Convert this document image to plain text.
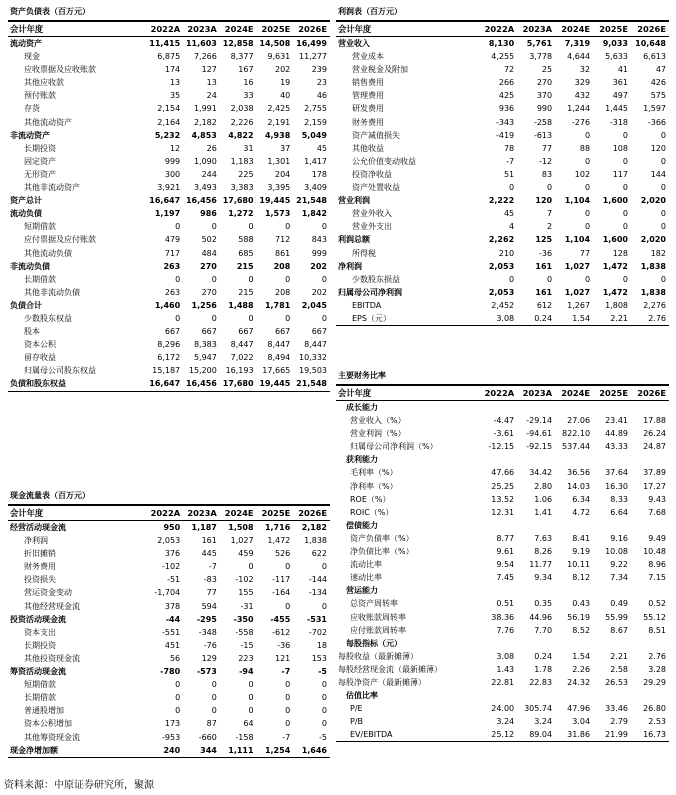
资产负债表（百万元）
会计年度	2022A	2023A	2024E	2025E	2026E
流动资产	11,415	11,603	12,858	14,508	16,499
现金	6,875	7,266	8,377	9,631	11,277
应收票据及应收账款	174	127	167	202	239
其他应收款	13	13	16	19	23
预付账款	35	24	33	40	46
存货	2,154	1,991	2,038	2,425	2,755
其他流动资产	2,164	2,182	2,226	2,191	2,159
非流动资产	5,232	4,853	4,822	4,938	5,049
长期投资	12	26	31	37	45
固定资产	999	1,090	1,183	1,301	1,417
无形资产	300	244	225	204	178
其他非流动资产	3,921	3,493	3,383	3,395	3,409
资产总计	16,647	16,456	17,680	19,445	21,548
流动负债	1,197	986	1,272	1,573	1,842
短期借款	0	0	0	0	0
应付票据及应付账款	479	502	588	712	843
其他流动负债	717	484	685	861	999
非流动负债	263	270	215	208	202
长期借款	0	0	0	0	0
其他非流动负债	263	270	215	208	202
负债合计	1,460	1,256	1,488	1,781	2,045
少数股东权益	0	0	0	0	0
股本	667	667	667	667	667
资本公积	8,296	8,383	8,447	8,447	8,447
留存收益	6,172	5,947	7,022	8,494	10,332
归属母公司股东权益	15,187	15,200	16,193	17,665	19,503
负债和股东权益	16,647	16,456	17,680	19,445	21,548
现金流量表（百万元）
会计年度	2022A	2023A	2024E	2025E	2026E
经营活动现金流	950	1,187	1,508	1,716	2,182
净利润	2,053	161	1,027	1,472	1,838
折旧摊销	376	445	459	526	622
财务费用	-102	-7	0	0	0
投资损失	-51	-83	-102	-117	-144
营运资金变动	-1,704	77	155	-164	-134
其他经营现金流	378	594	-31	0	0
投资活动现金流	-44	-295	-350	-455	-531
资本支出	-551	-348	-558	-612	-702
长期投资	451	-76	-15	-36	18
其他投资现金流	56	129	223	121	153
筹资活动现金流	-780	-573	-94	-7	-5
短期借款	0	0	0	0	0
长期借款	0	0	0	0	0
普通股增加	0	0	0	0	0
资本公积增加	173	87	64	0	0
其他筹资现金流	-953	-660	-158	-7	-5
现金净增加额	240	344	1,111	1,254	1,646
利润表（百万元）
会计年度	2022A	2023A	2024E	2025E	2026E
营业收入	8,130	5,761	7,319	9,033	10,648
营业成本	4,255	3,778	4,644	5,633	6,613
营业税金及附加	72	25	32	41	47
销售费用	266	270	329	361	426
管理费用	425	370	432	497	575
研发费用	936	990	1,244	1,445	1,597
财务费用	-343	-258	-276	-318	-366
资产减值损失	-419	-613	0	0	0
其他收益	78	77	88	108	120
公允价值变动收益	-7	-12	0	0	0
投资净收益	51	83	102	117	144
资产处置收益	0	0	0	0	0
营业利润	2,222	120	1,104	1,600	2,020
营业外收入	45	7	0	0	0
营业外支出	4	2	0	0	0
利润总额	2,262	125	1,104	1,600	2,020
所得税	210	-36	77	128	182
净利润	2,053	161	1,027	1,472	1,838
少数股东损益	0	0	0	0	0
归属母公司净利润	2,053	161	1,027	1,472	1,838
EBITDA	2,452	612	1,267	1,808	2,276
EPS（元）	3.08	0.24	1.54	2.21	2.76
主要财务比率
会计年度	2022A	2023A	2024E	2025E	2026E
成长能力					
营业收入（%）	-4.47	-29.14	27.06	23.41	17.88
营业利润（%）	-3.61	-94.61	822.10	44.89	26.24
归属母公司净利润（%）	-12.15	-92.15	537.44	43.33	24.87
获利能力					
毛利率（%）	47.66	34.42	36.56	37.64	37.89
净利率（%）	25.25	2.80	14.03	16.30	17.27
ROE（%）	13.52	1.06	6.34	8.33	9.43
ROIC（%）	12.31	1.41	4.72	6.64	7.68
偿债能力					
资产负债率（%）	8.77	7.63	8.41	9.16	9.49
净负债比率（%）	9.61	8.26	9.19	10.08	10.48
流动比率	9.54	11.77	10.11	9.22	8.96
速动比率	7.45	9.34	8.12	7.34	7.15
营运能力					
总资产周转率	0.51	0.35	0.43	0.49	0.52
应收账款周转率	38.36	44.96	56.19	55.99	55.12
应付账款周转率	7.76	7.70	8.52	8.67	8.51
每股指标（元）					
每股收益（最新摊薄）	3.08	0.24	1.54	2.21	2.76
每股经营现金流（最新摊薄）	1.43	1.78	2.26	2.58	3.28
每股净资产（最新摊薄）	22.81	22.83	24.32	26.53	29.29
估值比率					
P/E	24.00	305.74	47.96	33.46	26.80
P/B	3.24	3.24	3.04	2.79	2.53
EV/EBITDA	25.12	89.04	31.86	21.99	16.73
资料来源：中原证券研究所，聚源
